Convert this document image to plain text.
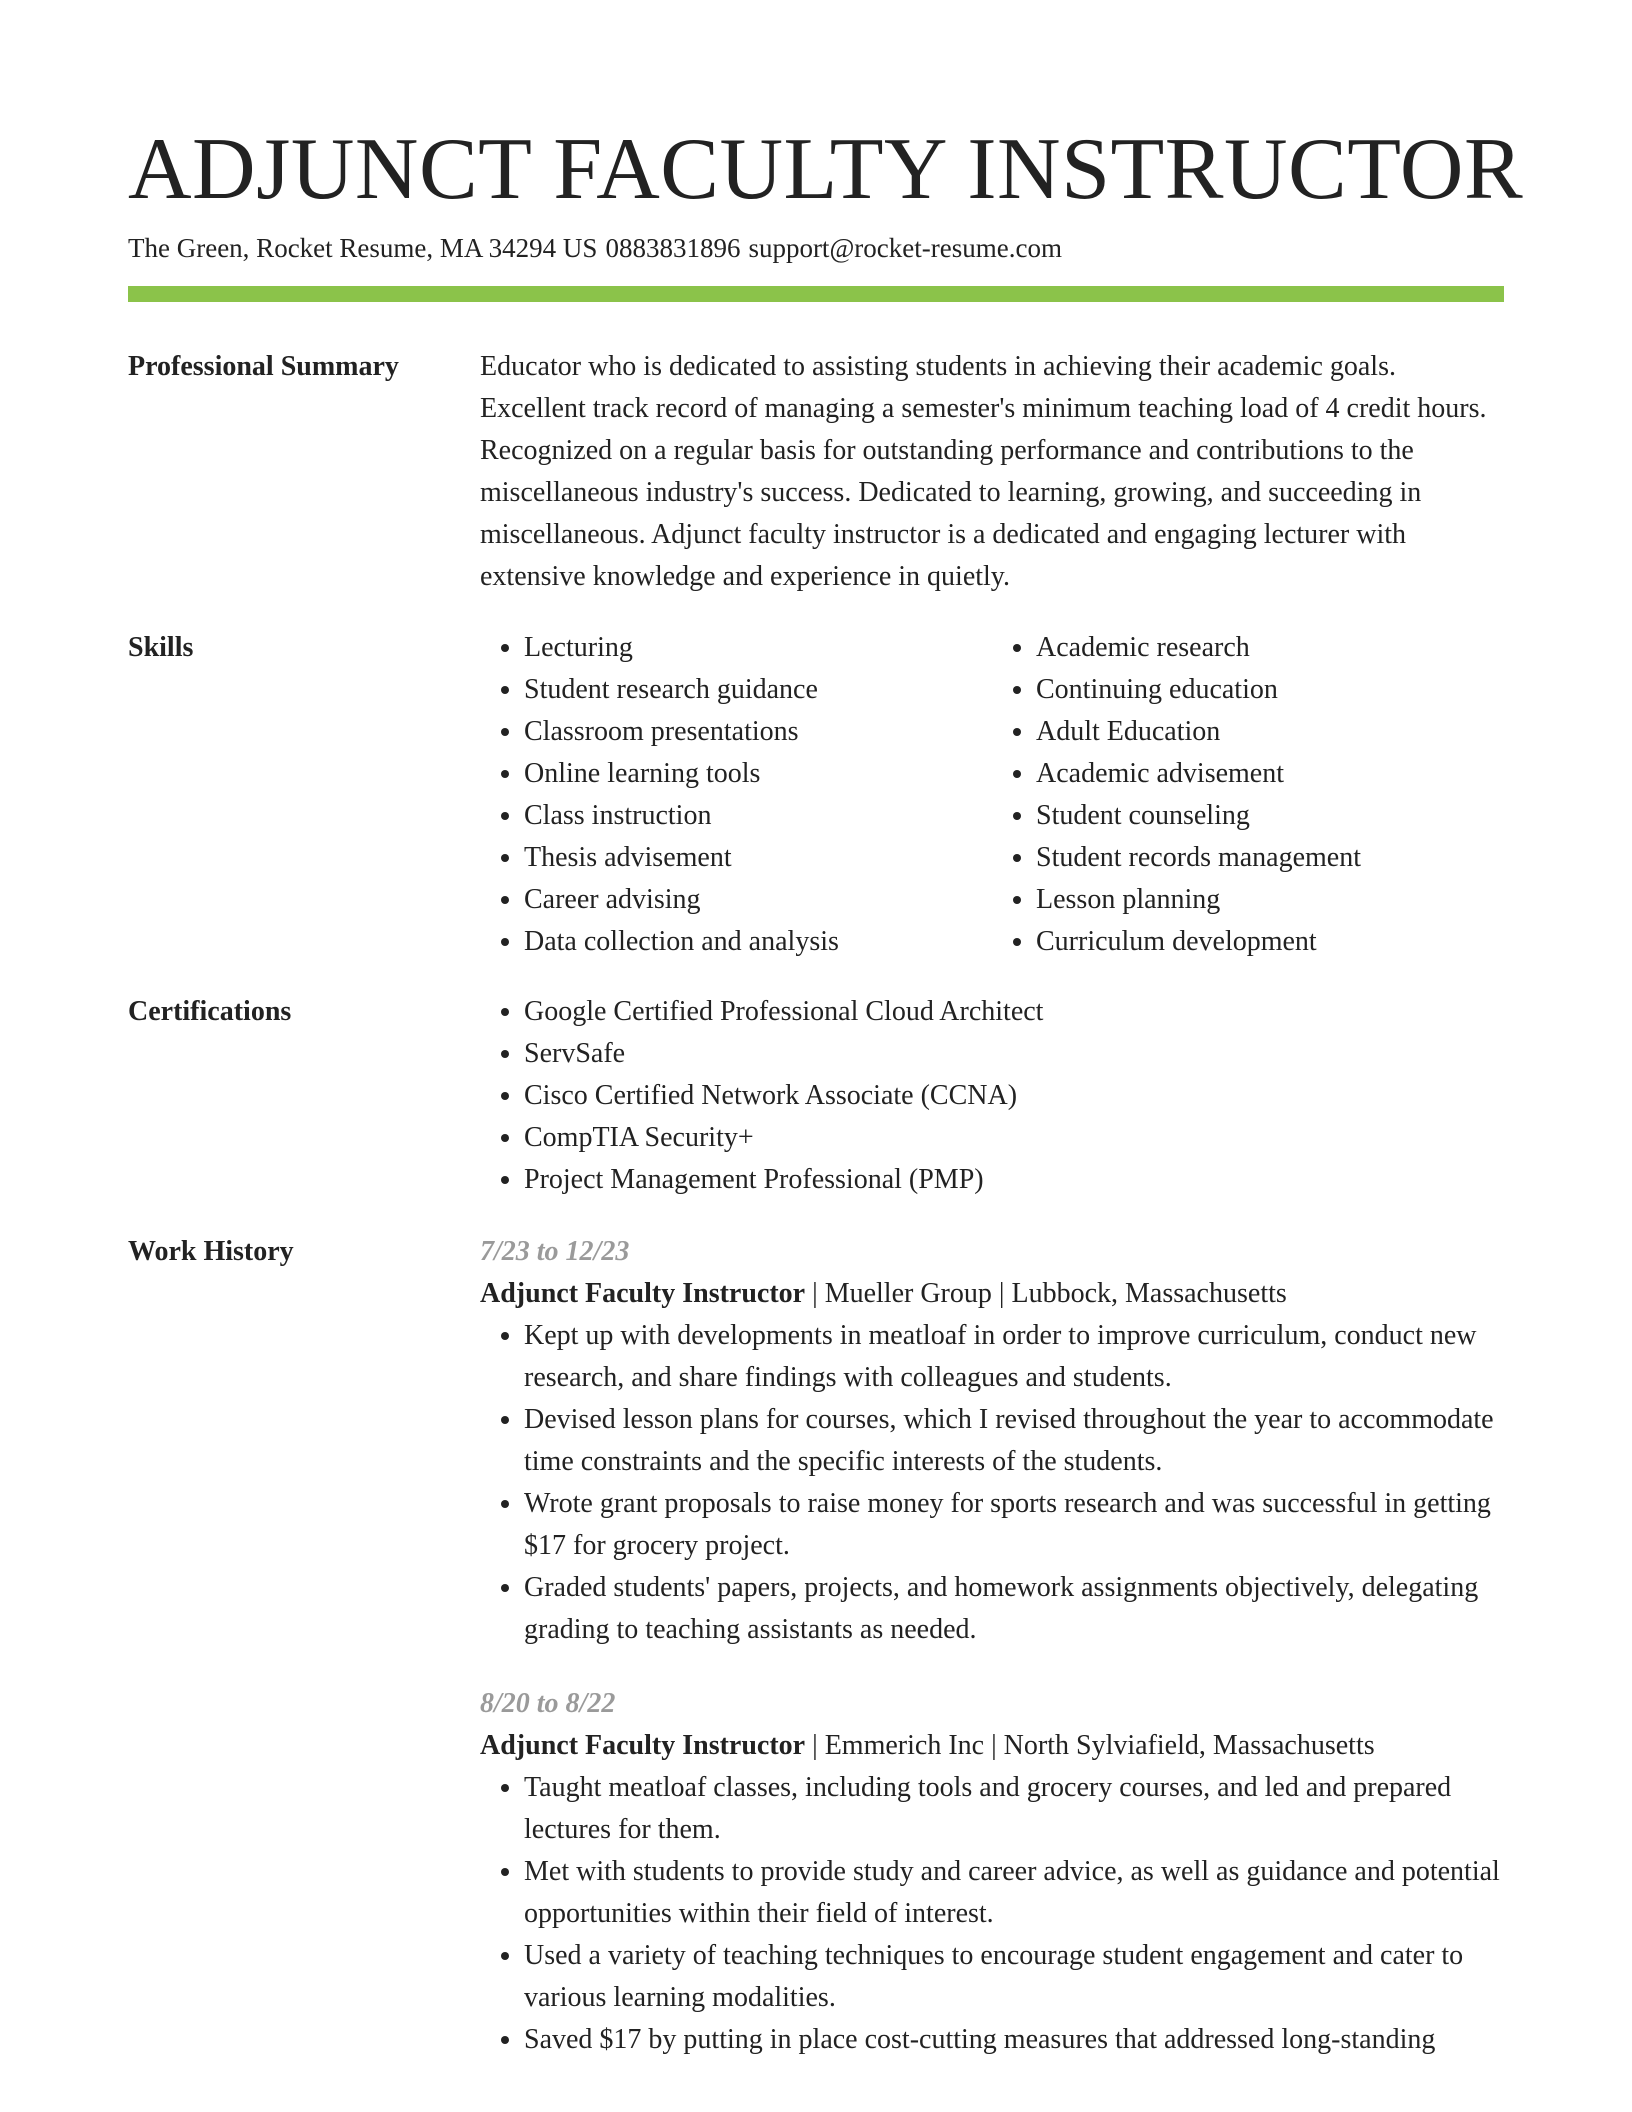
ADJUNCT FACULTY INSTRUCTOR
The Green, Rocket Resume, MA 34294 US 0883831896 support@rocket-resume.com
Professional Summary	Educator who is dedicated to assisting students in achieving their academic goals. Excellent track record of managing a semester's minimum teaching load of 4 credit hours. Recognized on a regular basis for outstanding performance and contributions to the miscellaneous industry's success. Dedicated to learning, growing, and succeeding in miscellaneous. Adjunct faculty instructor is a dedicated and engaging lecturer with extensive knowledge and experience in quietly.

Skills	• Lecturing
• Student research guidance
• Classroom presentations
• Online learning tools
• Class instruction
• Thesis advisement
• Career advising
• Data collection and analysis
• Academic research
• Continuing education
• Adult Education
• Academic advisement
• Student counseling
• Student records management
• Lesson planning
• Curriculum development
Certifications	• Google Certified Professional Cloud Architect
• ServSafe
• Cisco Certified Network Associate (CCNA)
• CompTIA Security+
• Project Management Professional (PMP)
Work History	7/23 to 12/23
Adjunct Faculty Instructor | Mueller Group | Lubbock, Massachusetts
• Kept up with developments in meatloaf in order to improve curriculum, conduct new research, and share findings with colleagues and students.
• Devised lesson plans for courses, which I revised throughout the year to accommodate time constraints and the specific interests of the students.
• Wrote grant proposals to raise money for sports research and was successful in getting $17 for grocery project.
• Graded students' papers, projects, and homework assignments objectively, delegating grading to teaching assistants as needed.
8/20 to 8/22
Adjunct Faculty Instructor | Emmerich Inc | North Sylviafield, Massachusetts
• Taught meatloaf classes, including tools and grocery courses, and led and prepared lectures for them.
• Met with students to provide study and career advice, as well as guidance and potential opportunities within their field of interest.
• Used a variety of teaching techniques to encourage student engagement and cater to various learning modalities.
• Saved $17 by putting in place cost-cutting measures that addressed long-standing
